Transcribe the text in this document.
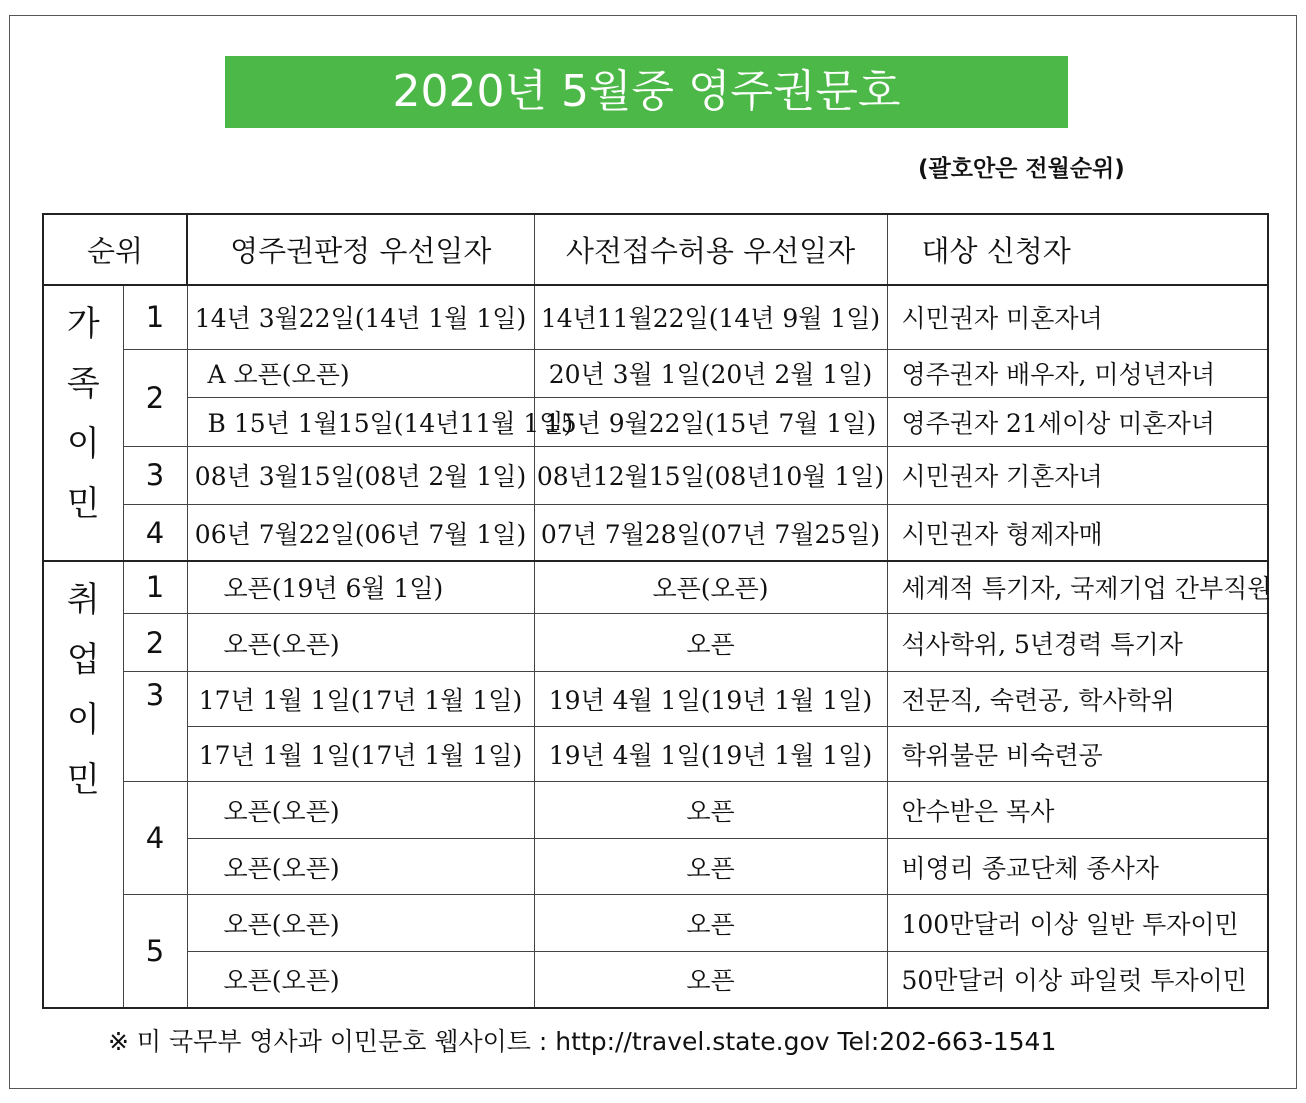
2020년 5월중 영주권문호
(괄호안은 전월순위)
순위		영주권판정 우선일자	사전접수허용 우선일자	대상 신청자

가
족
이
민	1	14년 3월22일(14년 1월 1일)	14년11월22일(14년 9월 1일)	시민권자 미혼자녀
	2	A 오픈(오픈)	20년 3월 1일(20년 2월 1일)	영주권자 배우자, 미성년자녀
		B 15년 1월15일(14년11월 1일)	15년 9월22일(15년 7월 1일)	영주권자 21세이상 미혼자녀
	3	08년 3월15일(08년 2월 1일)	08년12월15일(08년10월 1일)	시민권자 기혼자녀
	4	06년 7월22일(06년 7월 1일)	07년 7월28일(07년 7월25일)	시민권자 형제자매

취
업
이
민	1	오픈(19년 6월 1일)	오픈(오픈)	세계적 특기자, 국제기업 간부직원
	2	오픈(오픈)	오픈	석사학위, 5년경력 특기자
	3	17년 1월 1일(17년 1월 1일)	19년 4월 1일(19년 1월 1일)	전문직, 숙련공, 학사학위
		17년 1월 1일(17년 1월 1일)	19년 4월 1일(19년 1월 1일)	학위불문 비숙련공
	4	오픈(오픈)	오픈	안수받은 목사
		오픈(오픈)	오픈	비영리 종교단체 종사자
	5	오픈(오픈)	오픈	100만달러 이상 일반 투자이민
		오픈(오픈)	오픈	50만달러 이상 파일럿 투자이민
※ 미 국무부 영사과 이민문호 웹사이트 : http://travel.state.gov Tel:202-663-1541
